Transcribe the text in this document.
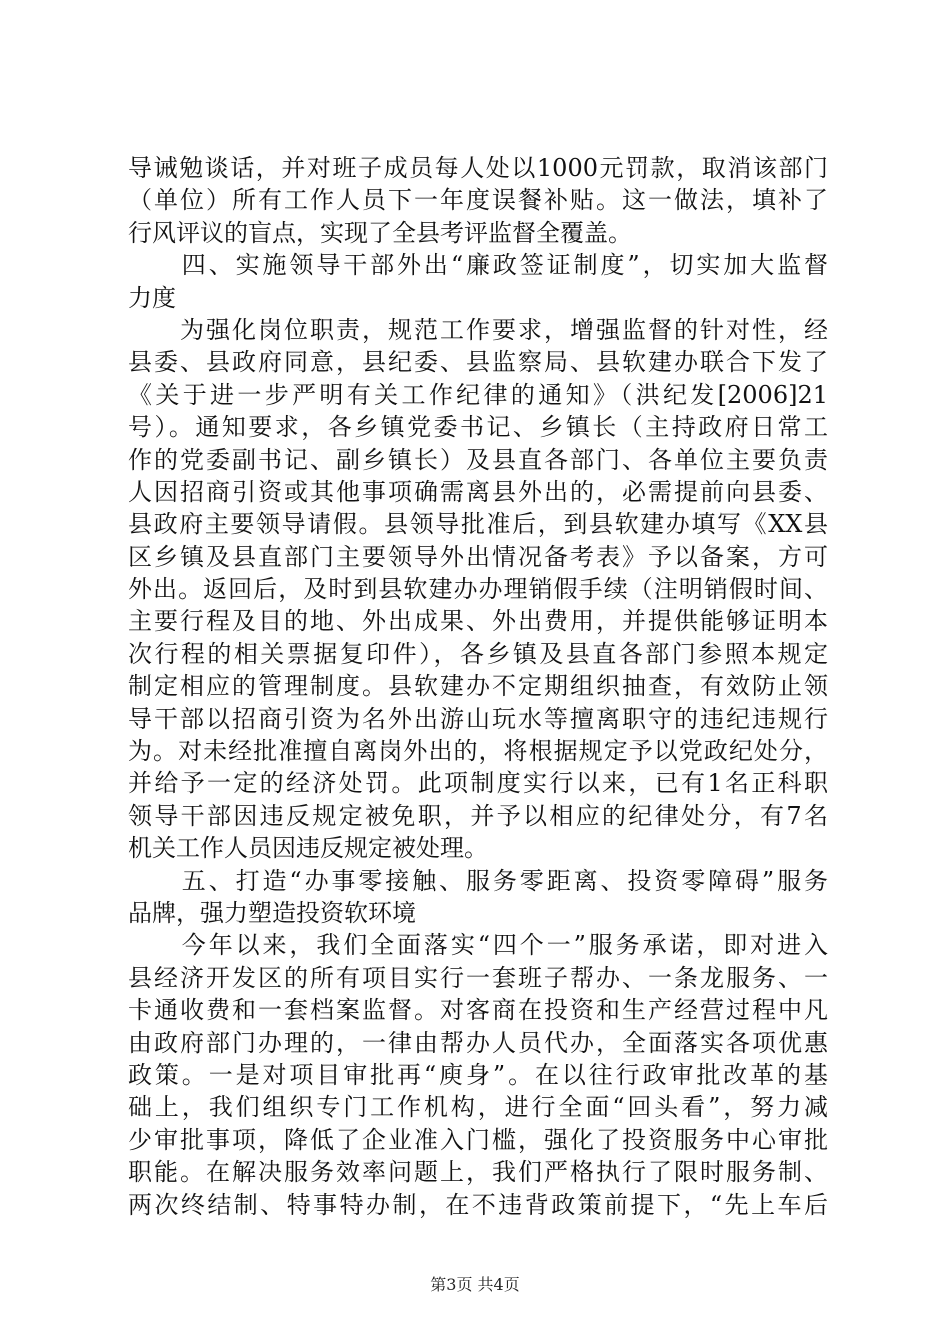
导诫勉谈话，并对班子成员每人处以1000元罚款，取消该部门
（单位）所有工作人员下一年度误餐补贴。这一做法，填补了
行风评议的盲点，实现了全县考评监督全覆盖。
　　四、实施领导干部外出“廉政签证制度”，切实加大监督
力度
　　为强化岗位职责，规范工作要求，增强监督的针对性，经
县委、县政府同意，县纪委、县监察局、县软建办联合下发了
《关于进一步严明有关工作纪律的通知》（洪纪发[2006]21
号）。通知要求，各乡镇党委书记、乡镇长（主持政府日常工
作的党委副书记、副乡镇长）及县直各部门、各单位主要负责
人因招商引资或其他事项确需离县外出的，必需提前向县委、
县政府主要领导请假。县领导批准后，到县软建办填写《XX县
区乡镇及县直部门主要领导外出情况备考表》予以备案，方可
外出。返回后，及时到县软建办办理销假手续（注明销假时间、
主要行程及目的地、外出成果、外出费用，并提供能够证明本
次行程的相关票据复印件），各乡镇及县直各部门参照本规定
制定相应的管理制度。县软建办不定期组织抽查，有效防止领
导干部以招商引资为名外出游山玩水等擅离职守的违纪违规行
为。对未经批准擅自离岗外出的，将根据规定予以党政纪处分，
并给予一定的经济处罚。此项制度实行以来，已有1名正科职
领导干部因违反规定被免职，并予以相应的纪律处分，有7名
机关工作人员因违反规定被处理。
　　五、打造“办事零接触、服务零距离、投资零障碍”服务
品牌，强力塑造投资软环境
　　今年以来，我们全面落实“四个一”服务承诺，即对进入
县经济开发区的所有项目实行一套班子帮办、一条龙服务、一
卡通收费和一套档案监督。对客商在投资和生产经营过程中凡
由政府部门办理的，一律由帮办人员代办，全面落实各项优惠
政策。一是对项目审批再“庾身”。在以往行政审批改革的基
础上，我们组织专门工作机构，进行全面“回头看”，努力减
少审批事项，降低了企业准入门槛，强化了投资服务中心审批
职能。在解决服务效率问题上，我们严格执行了限时服务制、
两次终结制、特事特办制，在不违背政策前提下，“先上车后
第3页 共4页
